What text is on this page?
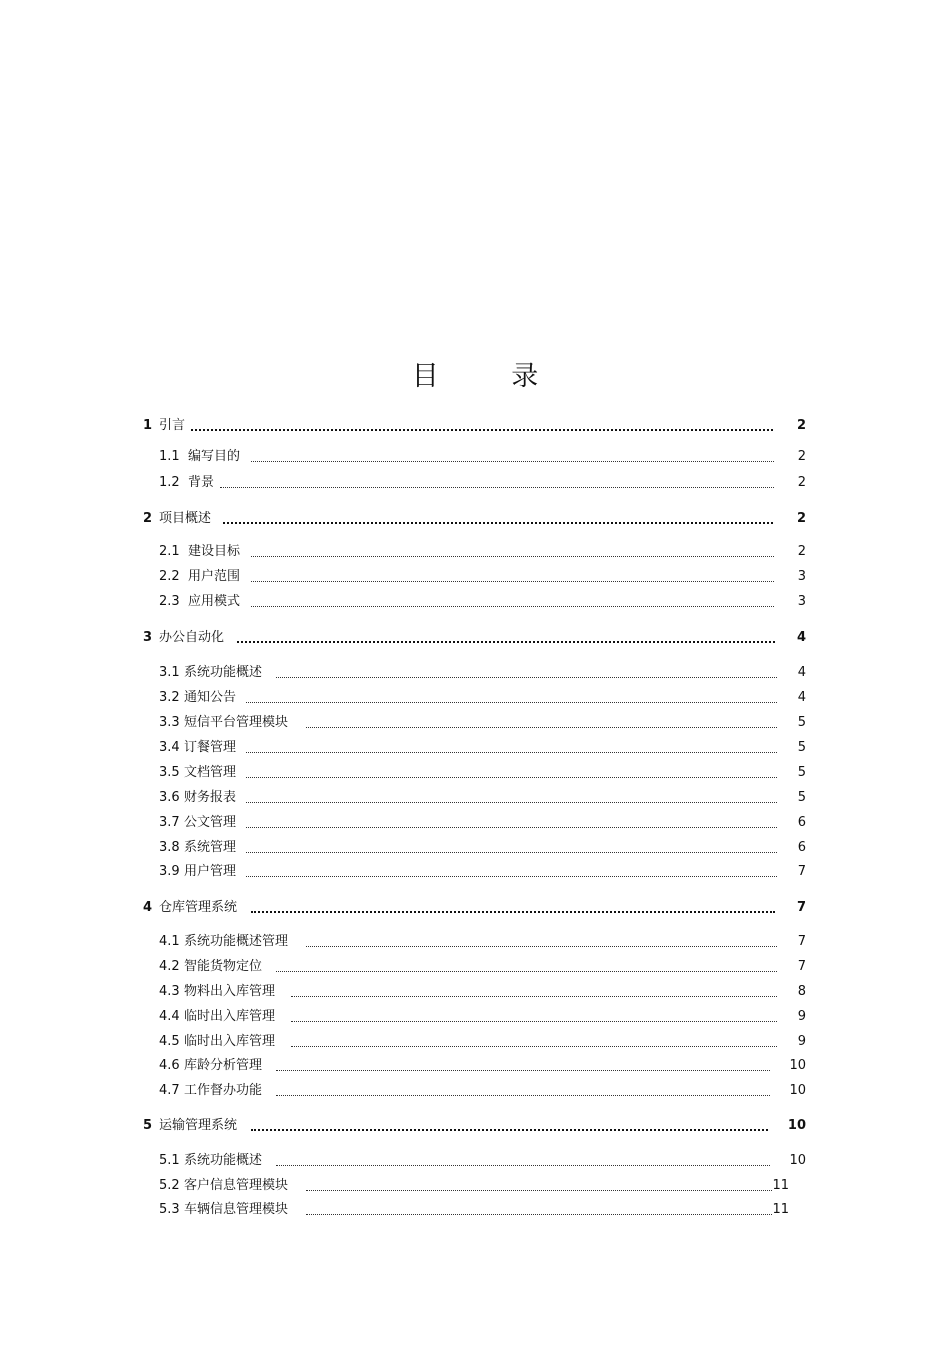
目 录
1 引言	2
1.1 编写目的	2
1.2 背景	2
2 项目概述	2
2.1 建设目标	2
2.2 用户范围	3
2.3 应用模式	3
3 办公自动化	4
3.1 系统功能概述	4
3.2 通知公告	4
3.3 短信平台管理模块	5
3.4 订餐管理	5
3.5 文档管理	5
3.6 财务报表	5
3.7 公文管理	6
3.8 系统管理	6
3.9 用户管理	7
4 仓库管理系统	7
4.1 系统功能概述管理	7
4.2 智能货物定位	7
4.3 物料出入库管理	8
4.4 临时出入库管理	9
4.5 临时出入库管理	9
4.6 库龄分析管理	10
4.7 工作督办功能	10
5 运输管理系统	10
5.1 系统功能概述	10
5.2 客户信息管理模块	11
5.3 车辆信息管理模块	11
